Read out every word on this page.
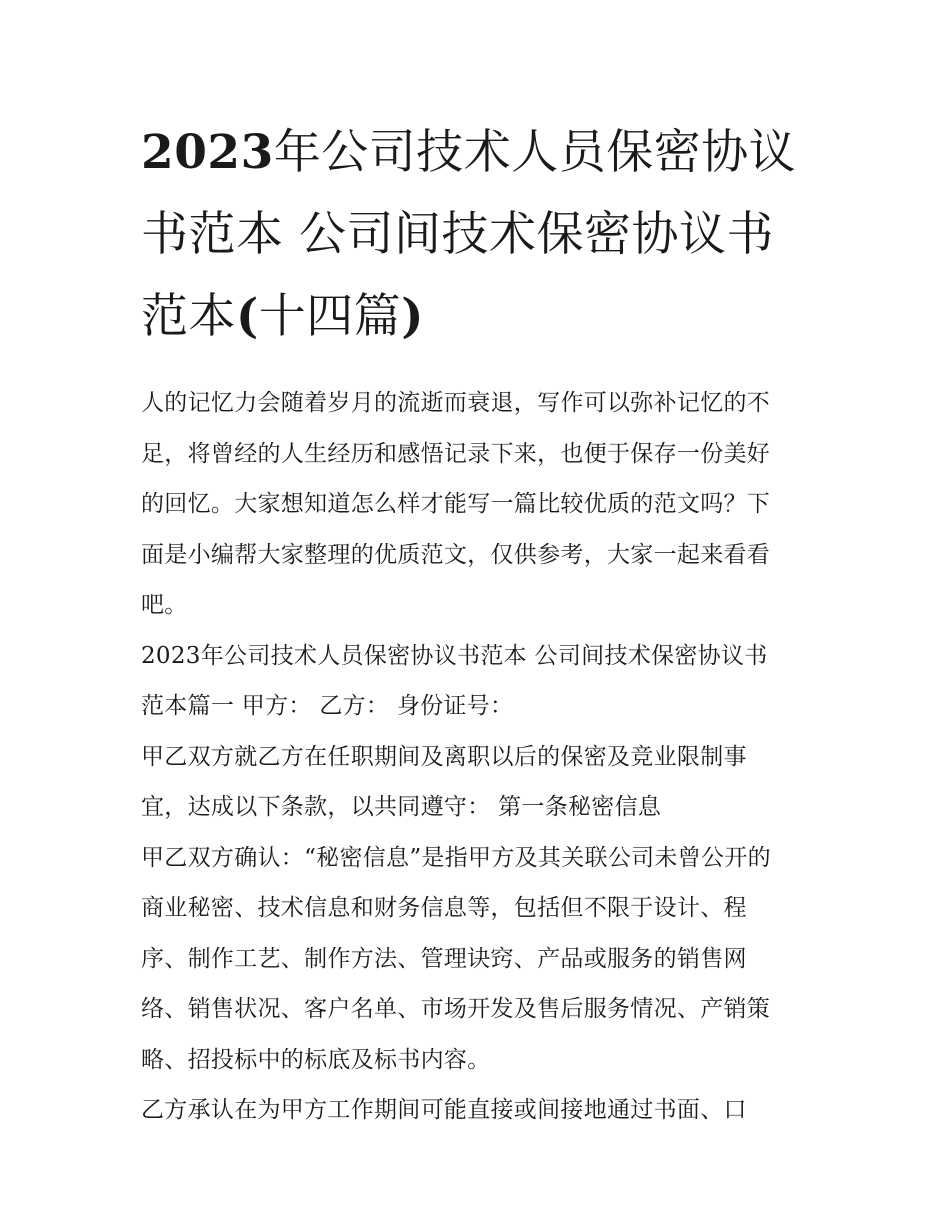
2023年公司技术人员保密协议
书范本 公司间技术保密协议书
范本(十四篇)
人的记忆力会随着岁月的流逝而衰退，写作可以弥补记忆的不
足，将曾经的人生经历和感悟记录下来，也便于保存一份美好
的回忆。大家想知道怎么样才能写一篇比较优质的范文吗？下
面是小编帮大家整理的优质范文，仅供参考，大家一起来看看
吧。
2023年公司技术人员保密协议书范本 公司间技术保密协议书
范本篇一 甲方： 乙方： 身份证号：
甲乙双方就乙方在任职期间及离职以后的保密及竞业限制事
宜，达成以下条款，以共同遵守： 第一条秘密信息
甲乙双方确认：“秘密信息”是指甲方及其关联公司未曾公开的
商业秘密、技术信息和财务信息等，包括但不限于设计、程
序、制作工艺、制作方法、管理诀窍、产品或服务的销售网
络、销售状况、客户名单、市场开发及售后服务情况、产销策
略、招投标中的标底及标书内容。
乙方承认在为甲方工作期间可能直接或间接地通过书面、口
